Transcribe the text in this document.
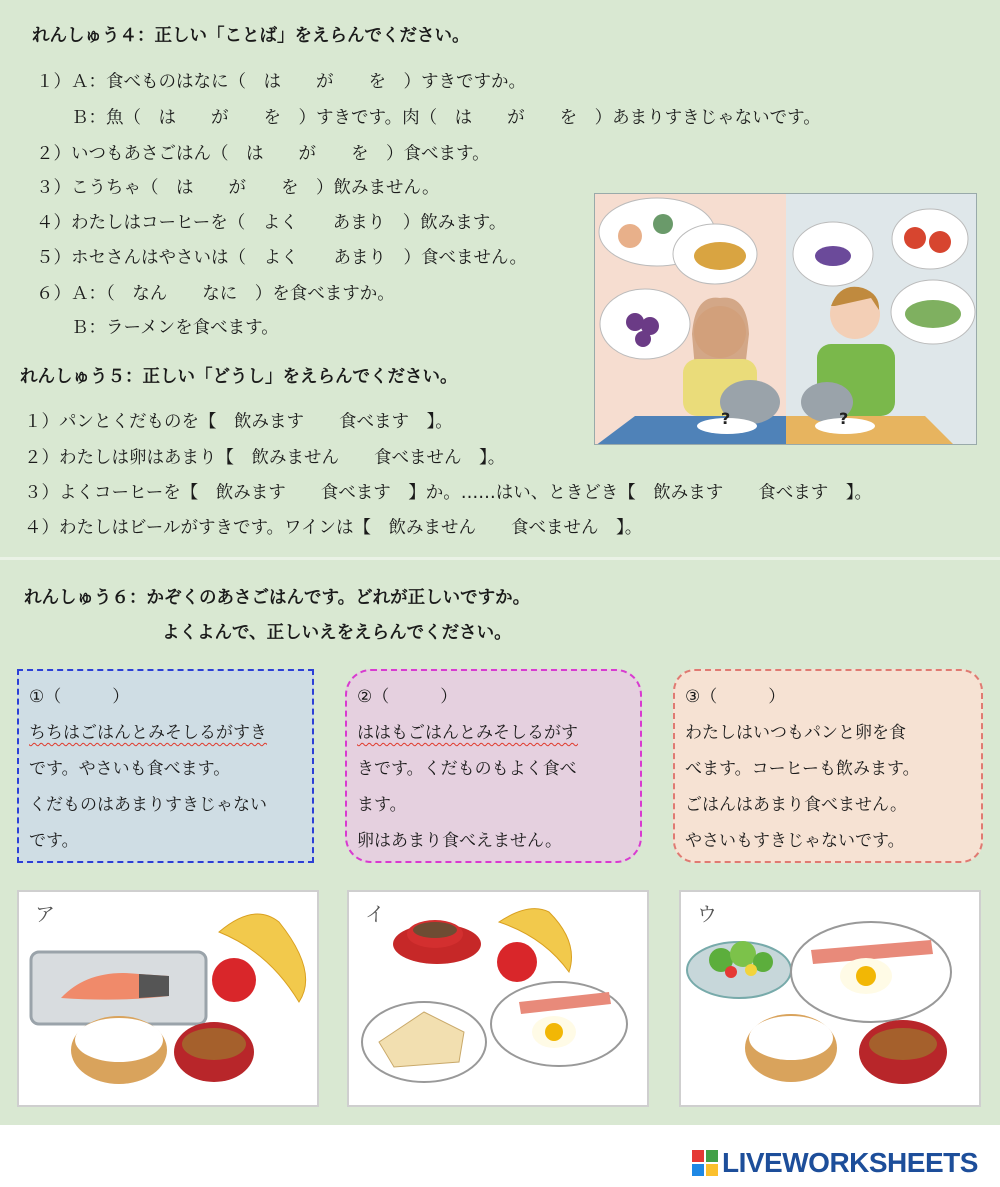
れんしゅう４：正しい「ことば」をえらんでください。
１）Ａ：食べものはなに（　は　　が　　を　）すきですか。
　　Ｂ：魚（　は　　が　　を　）すきです。肉（　は　　が　　を　）あまりすきじゃないです。
２）いつもあさごはん（　は　　が　　を　）食べます。
３）こうちゃ（　は　　が　　を　）飲みません。
４）わたしはコーヒーを（　よく　　あまり　）飲みます。
５）ホセさんはやさいは（　よく　　あまり　）食べません。
６）Ａ：（　なん　　なに　）を食べますか。
　　Ｂ：ラーメンを食べます。
?	?
れんしゅう５：正しい「どうし」をえらんでください。
１）パンとくだものを【　飲みます　　食べます　】。
２）わたしは卵はあまり【　飲みません　　食べません　】。
３）よくコーヒーを【　飲みます　　食べます　】か。……はい、ときどき【　飲みます　　食べます　】。
４）わたしはビールがすきです。ワインは【　飲みません　　食べません　】。
れんしゅう６：かぞくのあさごはんです。どれが正しいですか。
よくよんで、正しいえをえらんでください。
①（　　　）
ちちはごはんとみそしるがすき
です。やさいも食べます。
くだものはあまりすきじゃない
です。
②（　　　）
ははもごはんとみそしるがす
きです。くだものもよく食べ
ます。
卵はあまり食べえません。
③（　　　）
わたしはいつもパンと卵を食
べます。コーヒーも飲みます。
ごはんはあまり食べません。
やさいもすきじゃないです。
ア	イ	ウ
LIVEWORKSHEETS
